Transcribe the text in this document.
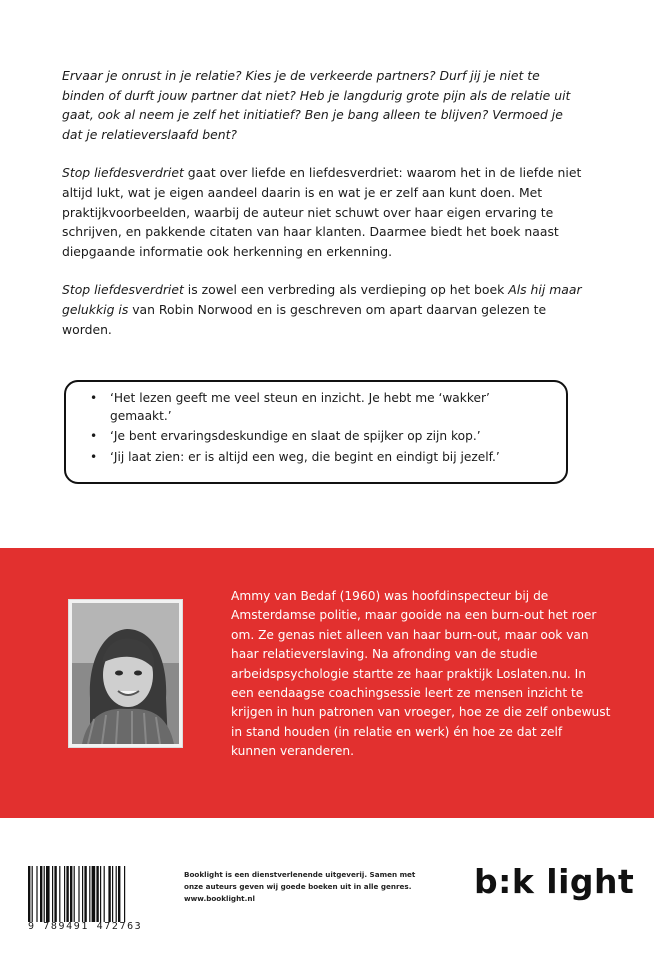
Ervaar je onrust in je relatie? Kies je de verkeerde partners? Durf jij je niet te binden of durft jouw partner dat niet? Heb je langdurig grote pijn als de relatie uit gaat, ook al neem je zelf het initiatief? Ben je bang alleen te blijven? Vermoed je dat je relatieverslaafd bent?

Stop liefdesverdriet gaat over liefde en liefdesverdriet: waarom het in de liefde niet altijd lukt, wat je eigen aandeel daarin is en wat je er zelf aan kunt doen. Met praktijkvoorbeelden, waarbij de auteur niet schuwt over haar eigen ervaring te schrijven, en pakkende citaten van haar klanten. Daarmee biedt het boek naast diepgaande informatie ook herkenning en erkenning.

Stop liefdesverdriet is zowel een verbreding als verdieping op het boek Als hij maar gelukkig is van Robin Norwood en is geschreven om apart daarvan gelezen te worden.

• ‘Het lezen geeft me veel steun en inzicht. Je hebt me ‘wakker’ gemaakt.’
• ‘Je bent ervaringsdeskundige en slaat de spijker op zijn kop.’
• ‘Jij laat zien: er is altijd een weg, die begint en eindigt bij jezelf.’
Ammy van Bedaf (1960) was hoofdinspecteur bij de Amsterdamse politie, maar gooide na een burn-out het roer om. Ze genas niet alleen van haar burn-out, maar ook van haar relatieverslaving. Na afronding van de studie arbeidspsychologie startte ze haar praktijk Loslaten.nu. In een eendaagse coachingsessie leert ze mensen inzicht te krijgen in hun patronen van vroeger, hoe ze die zelf onbewust in stand houden (in relatie en werk) én hoe ze dat zelf kunnen veranderen.
9 789491 472763
Booklight is een dienstverlenende uitgeverij. Samen met onze auteurs geven wij goede boeken uit in alle genres. www.booklight.nl	b:k light
